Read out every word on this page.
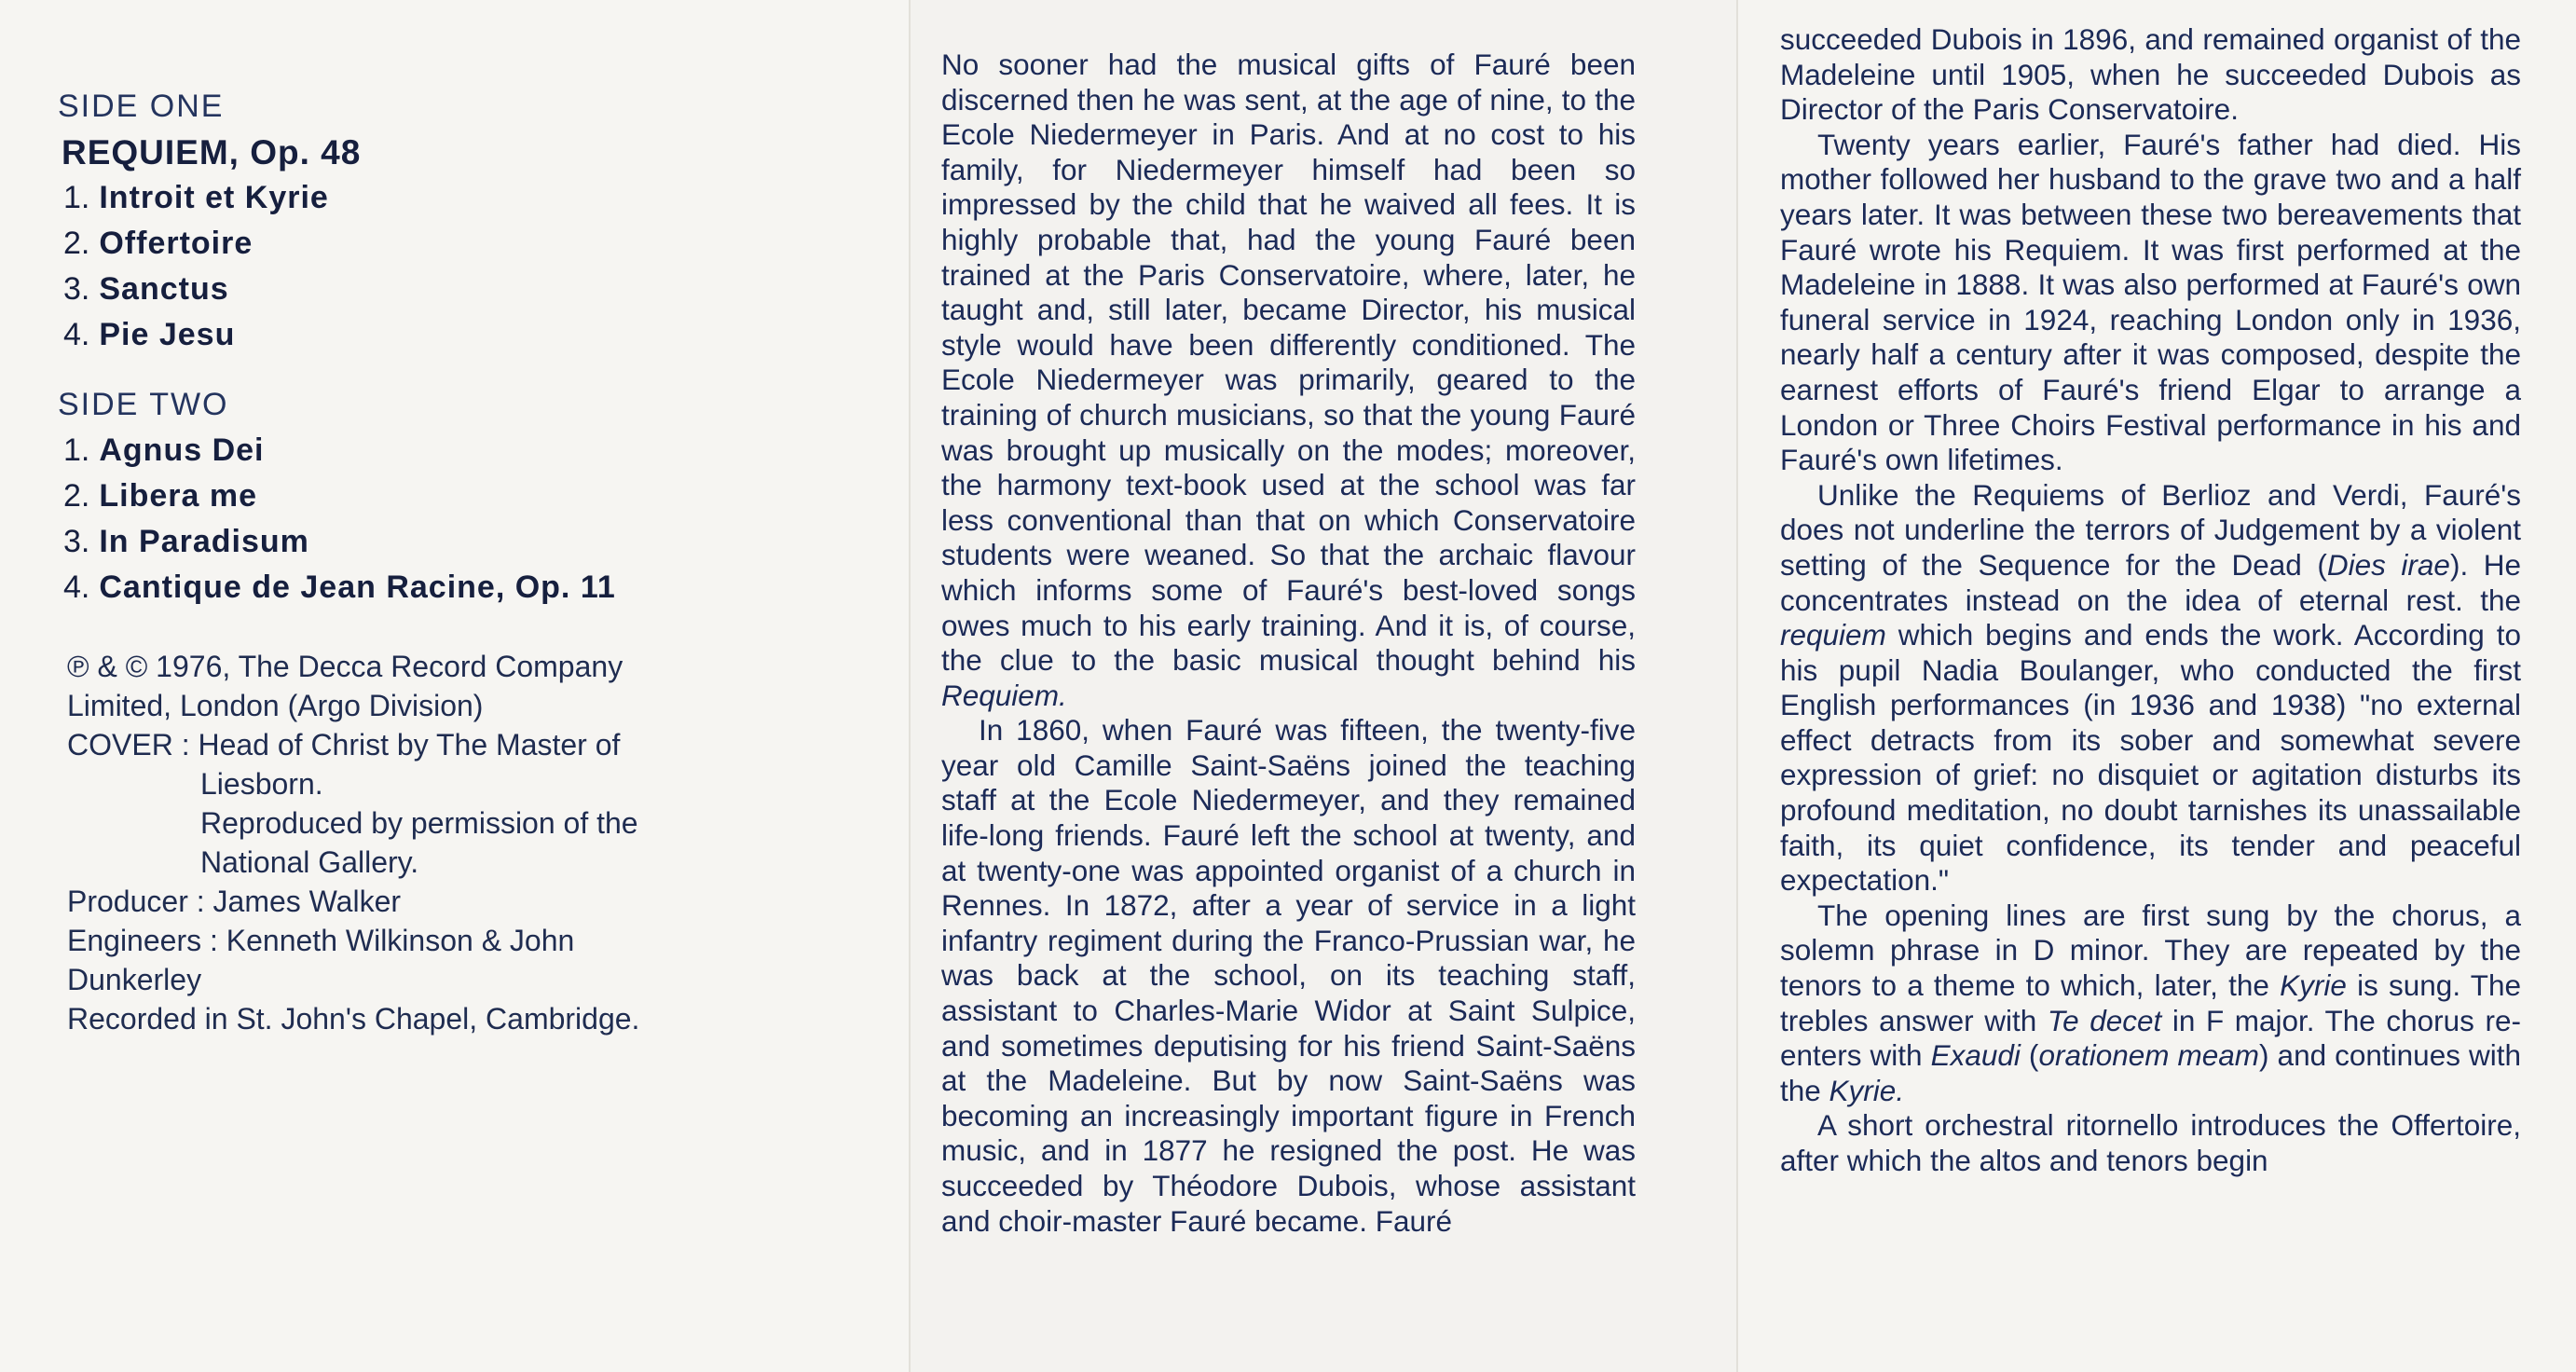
SIDE ONE

REQUIEM, Op. 48

1. Introit et Kyrie
2. Offertoire
3. Sanctus
4. Pie Jesu

SIDE TWO

1. Agnus Dei
2. Libera me
3. In Paradisum
4. Cantique de Jean Racine, Op. 11

℗ & © 1976, The Decca Record Company

Limited, London (Argo Division)

COVER : Head of Christ by The Master of

Liesborn.

Reproduced by permission of the

National Gallery.

Producer : James Walker

Engineers : Kenneth Wilkinson & John

Dunkerley

Recorded in St. John's Chapel, Cambridge.

No sooner had the musical gifts of Fauré been discerned then he was sent, at the age of nine, to the Ecole Niedermeyer in Paris. And at no cost to his family, for Niedermeyer himself had been so impressed by the child that he waived all fees. It is highly probable that, had the young Fauré been trained at the Paris Conservatoire, where, later, he taught and, still later, became Director, his musical style would have been differently conditioned. The Ecole Niedermeyer was primarily, geared to the training of church musicians, so that the young Fauré was brought up musically on the modes; moreover, the harmony text-book used at the school was far less conventional than that on which Conservatoire students were weaned. So that the archaic flavour which informs some of Fauré's best-loved songs owes much to his early training. And it is, of course, the clue to the basic musical thought behind his Requiem.

In 1860, when Fauré was fifteen, the twenty-five year old Camille Saint-Saëns joined the teaching staff at the Ecole Niedermeyer, and they remained life-long friends. Fauré left the school at twenty, and at twenty-one was appointed organist of a church in Rennes. In 1872, after a year of service in a light infantry regiment during the Franco-Prussian war, he was back at the school, on its teaching staff, assistant to Charles-Marie Widor at Saint Sulpice, and sometimes deputising for his friend Saint-Saëns at the Madeleine. But by now Saint-Saëns was becoming an increasingly important figure in French music, and in 1877 he resigned the post. He was succeeded by Théodore Dubois, whose assistant and choir-master Fauré became. Fauré

succeeded Dubois in 1896, and remained organist of the Madeleine until 1905, when he succeeded Dubois as Director of the Paris Conservatoire.

Twenty years earlier, Fauré's father had died. His mother followed her husband to the grave two and a half years later. It was between these two bereavements that Fauré wrote his Requiem. It was first performed at the Madeleine in 1888. It was also performed at Fauré's own funeral service in 1924, reaching London only in 1936, nearly half a century after it was composed, despite the earnest efforts of Fauré's friend Elgar to arrange a London or Three Choirs Festival performance in his and Fauré's own lifetimes.

Unlike the Requiems of Berlioz and Verdi, Fauré's does not underline the terrors of Judgement by a violent setting of the Sequence for the Dead (Dies irae). He concentrates instead on the idea of eternal rest. the requiem which begins and ends the work. According to his pupil Nadia Boulanger, who conducted the first English performances (in 1936 and 1938) "no external effect detracts from its sober and somewhat severe expression of grief: no disquiet or agitation disturbs its profound meditation, no doubt tarnishes its unassailable faith, its quiet confidence, its tender and peaceful expectation."

The opening lines are first sung by the chorus, a solemn phrase in D minor. They are repeated by the tenors to a theme to which, later, the Kyrie is sung. The trebles answer with Te decet in F major. The chorus re-enters with Exaudi (orationem meam) and continues with the Kyrie.

A short orchestral ritornello introduces the Offertoire, after which the altos and tenors begin
